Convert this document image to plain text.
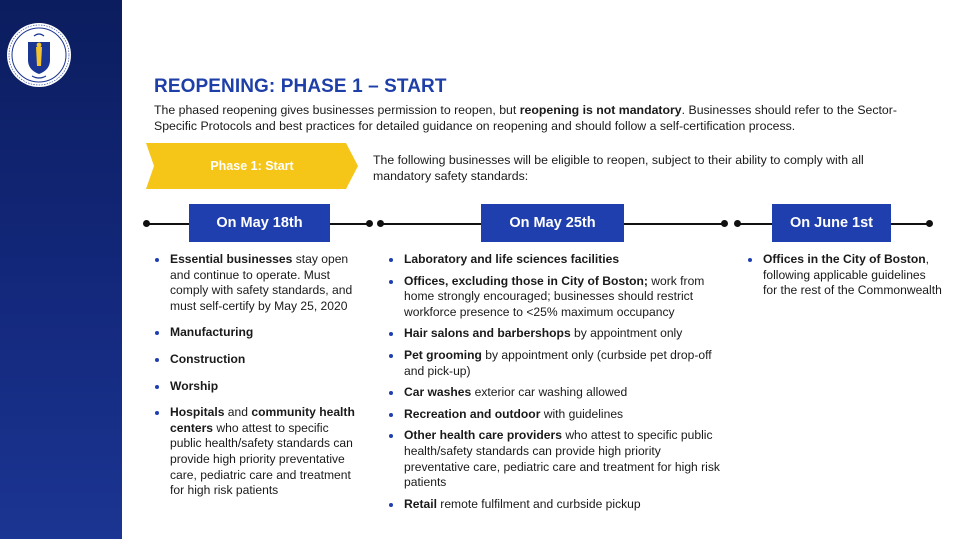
REOPENING: PHASE 1 – START

The phased reopening gives businesses permission to reopen, but reopening is not mandatory. Businesses should refer to the Sector-Specific Protocols and best practices for detailed guidance on reopening and should follow a self-certification process.

Phase 1: Start	The following businesses will be eligible to reopen, subject to their ability to comply with all mandatory safety standards:

On May 18th	On May 25th	On June 1st
Essential businesses stay open and continue to operate. Must comply with safety standards, and must self-certify by May 25, 2020
Manufacturing
Construction
Worship
Hospitals and community health centers who attest to specific public health/safety standards can provide high priority preventative care, pediatric care and treatment for high risk patients
Laboratory and life sciences facilities
Offices, excluding those in City of Boston; work from home strongly encouraged; businesses should restrict workforce presence to <25% maximum occupancy
Hair salons and barbershops by appointment only
Pet grooming by appointment only (curbside pet drop-off and pick-up)
Car washes exterior car washing allowed
Recreation and outdoor with guidelines
Other health care providers who attest to specific public health/safety standards can provide high priority preventative care, pediatric care and treatment for high risk patients
Retail remote fulfilment and curbside pickup
Offices in the City of Boston, following applicable guidelines for the rest of the Commonwealth
